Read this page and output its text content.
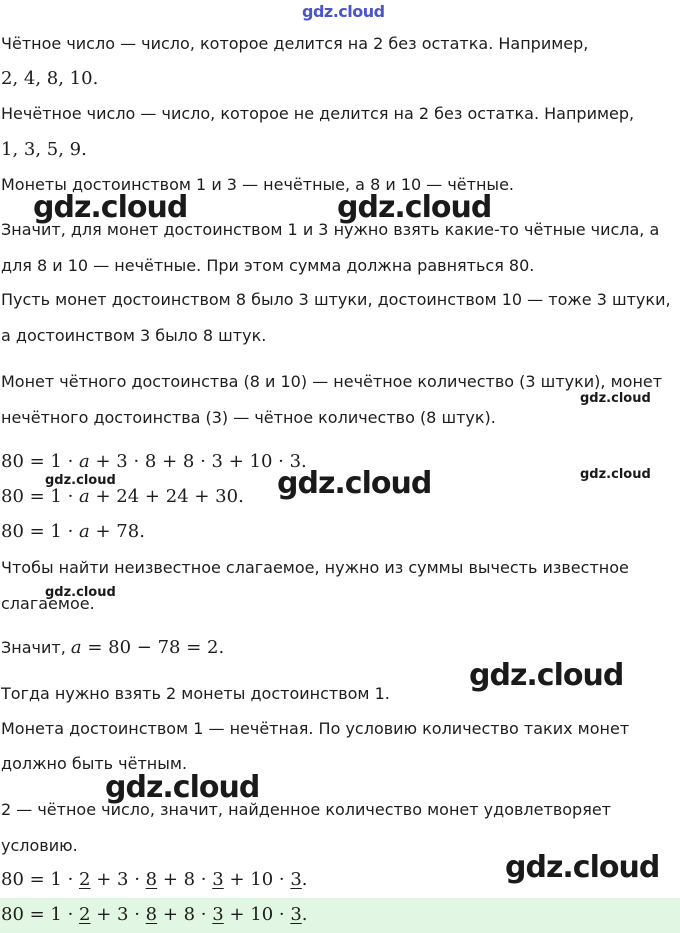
gdz.cloud
Чётное число — число, которое делится на 2 без остатка. Например,
2, 4, 8, 10.
Нечётное число — число, которое не делится на 2 без остатка. Например,
1, 3, 5, 9.
Монеты достоинством 1 и 3 — нечётные, а 8 и 10 — чётные.
Значит, для монет достоинством 1 и 3 нужно взять какие-то чётные числа, а
для 8 и 10 — нечётные. При этом сумма должна равняться 80.
Пусть монет достоинством 8 было 3 штуки, достоинством 10 — тоже 3 штуки,
а достоинством 3 было 8 штук.
Монет чётного достоинства (8 и 10) — нечётное количество (3 штуки), монет
нечётного достоинства (3) — чётное количество (8 штук).
80 = 1 · a + 3 · 8 + 8 · 3 + 10 · 3.
80 = 1 · a + 24 + 24 + 30.
80 = 1 · a + 78.
Чтобы найти неизвестное слагаемое, нужно из суммы вычесть известное
слагаемое.
Значит, a = 80 − 78 = 2.
Тогда нужно взять 2 монеты достоинством 1.
Монета достоинством 1 — нечётная. По условию количество таких монет
должно быть чётным.
2 — чётное число, значит, найденное количество монет удовлетворяет
условию.
80 = 1 · 2 + 3 · 8 + 8 · 3 + 10 · 3.
80 = 1 · 2 + 3 · 8 + 8 · 3 + 10 · 3.
gdz.cloud	gdz.cloud
gdz.cloud
gdz.cloud
gdz.cloud	gdz.cloud
gdz.cloud
gdz.cloud
gdz.cloud
gdz.cloud
